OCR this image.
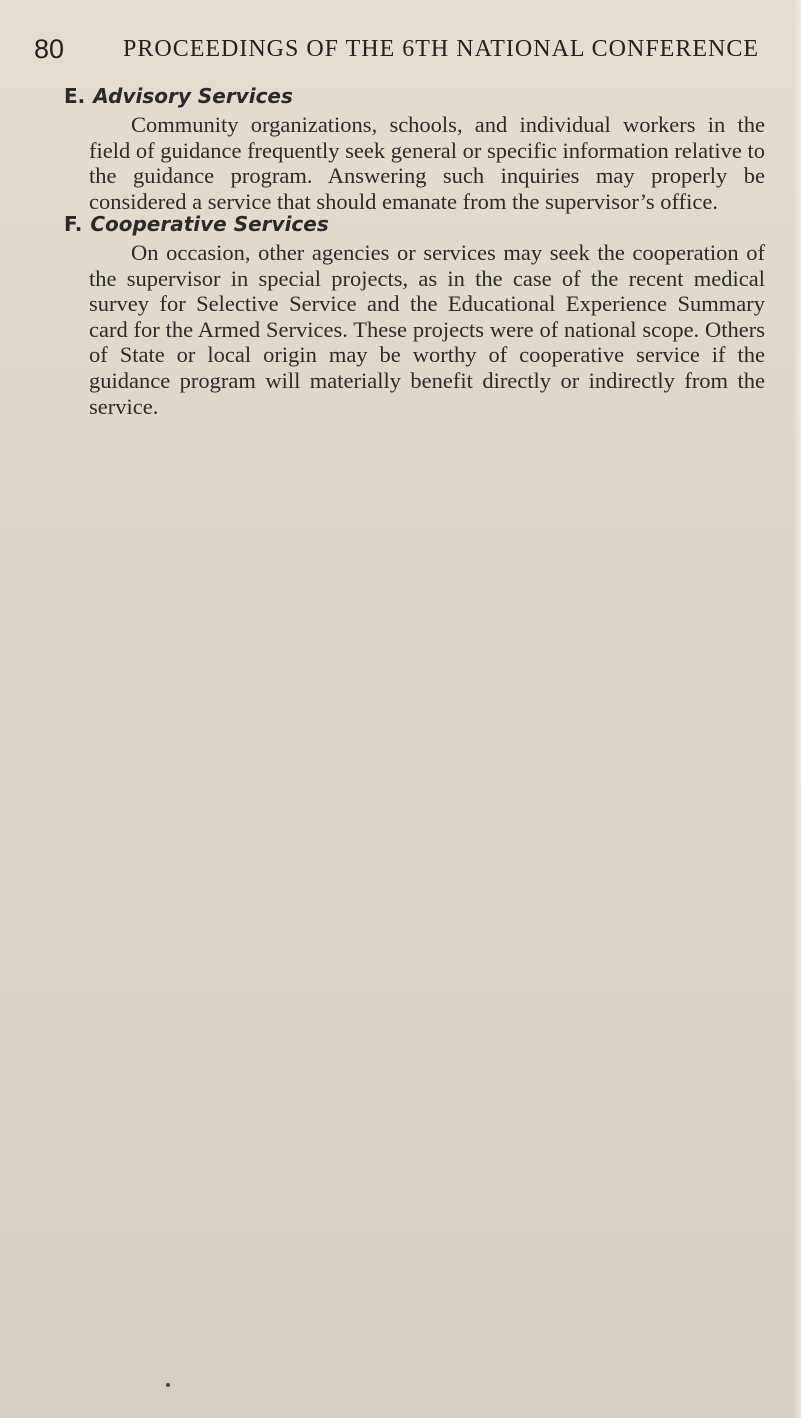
80 PROCEEDINGS OF THE 6TH NATIONAL CONFERENCE
E. Advisory Services

Community organizations, schools, and individual workers in the field of guidance frequently seek general or specific information relative to the guidance program. Answering such inquiries may properly be considered a service that should emanate from the supervisor’s office.

F. Cooperative Services

On occasion, other agencies or services may seek the cooperation of the supervisor in special projects, as in the case of the recent medical survey for Selective Service and the Educational Experience Summary card for the Armed Services. These projects were of national scope. Others of State or local origin may be worthy of cooperative service if the guidance program will materially benefit directly or indirectly from the service.
